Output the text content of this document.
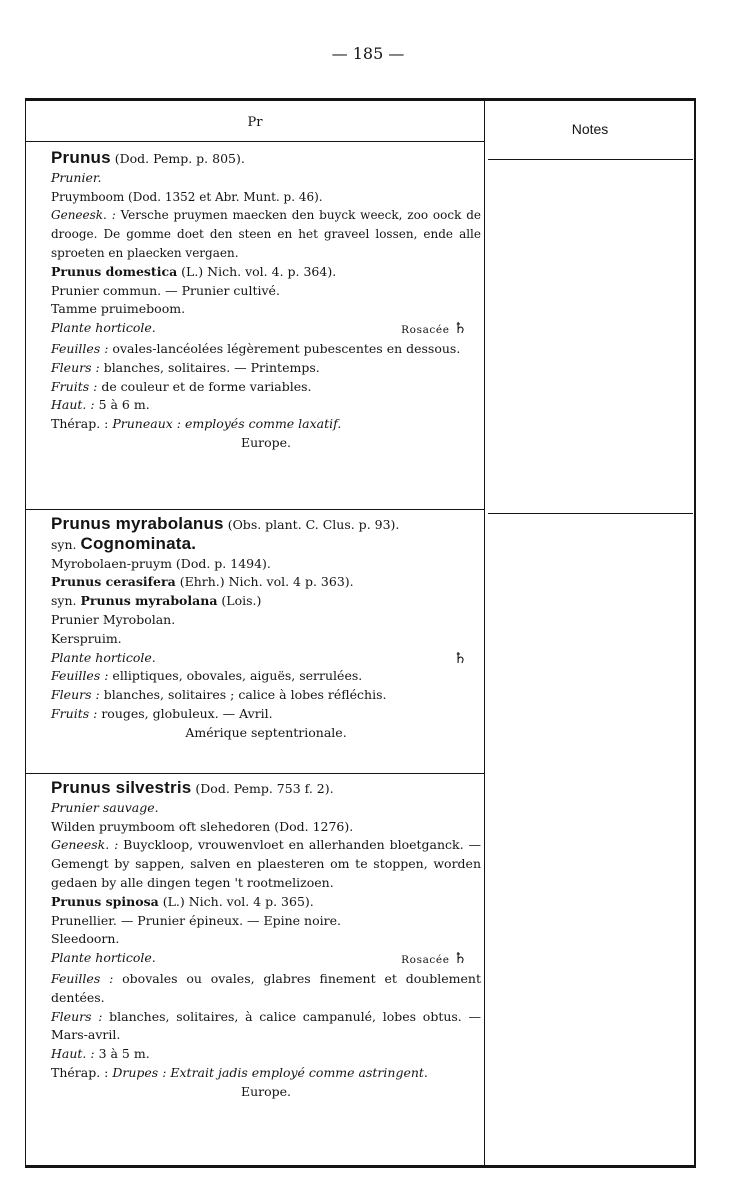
— 185 —
Pr	Notes

Prunus (Dod. Pemp. p. 805).

Prunier.

Pruymboom (Dod. 1352 et Abr. Munt. p. 46).

Geneesk. : Versche pruymen maecken den buyck weeck, zoo oock de drooge. De gomme doet den steen en het graveel lossen, ende alle sproeten en plaecken vergaen.

Prunus domestica (L.) Nich. vol. 4. p. 364).

Prunier commun. — Prunier cultivé.

Tamme pruimeboom.

Plante horticole.	Rosacée ♄

Feuilles : ovales-lancéolées légèrement pubescentes en dessous.

Fleurs : blanches, solitaires. — Printemps.

Fruits : de couleur et de forme variables.

Haut. : 5 à 6 m.

Thérap. : Pruneaux : employés comme laxatif.

Europe.

Prunus myrabolanus (Obs. plant. C. Clus. p. 93).

syn. Cognominata.

Myrobolaen-pruym (Dod. p. 1494).

Prunus cerasifera (Ehrh.) Nich. vol. 4 p. 363).

syn. Prunus myrabolana (Lois.)

Prunier Myrobolan.

Kerspruim.

Plante horticole.	♄

Feuilles : elliptiques, obovales, aiguës, serrulées.

Fleurs : blanches, solitaires ; calice à lobes réfléchis.

Fruits : rouges, globuleux. — Avril.

Amérique septentrionale.

Prunus silvestris (Dod. Pemp. 753 f. 2).

Prunier sauvage.

Wilden pruymboom oft slehedoren (Dod. 1276).

Geneesk. : Buyckloop, vrouwenvloet en allerhanden bloetganck. — Gemengt by sappen, salven en plaesteren om te stoppen, worden gedaen by alle dingen tegen 't rootmelizoen.

Prunus spinosa (L.) Nich. vol. 4 p. 365).

Prunellier. — Prunier épineux. — Epine noire.

Sleedoorn.

Plante horticole.	Rosacée ♄

Feuilles : obovales ou ovales, glabres finement et doublement dentées.

Fleurs : blanches, solitaires, à calice campanulé, lobes obtus. — Mars-avril.

Haut. : 3 à 5 m.

Thérap. : Drupes : Extrait jadis employé comme astringent.

Europe.
